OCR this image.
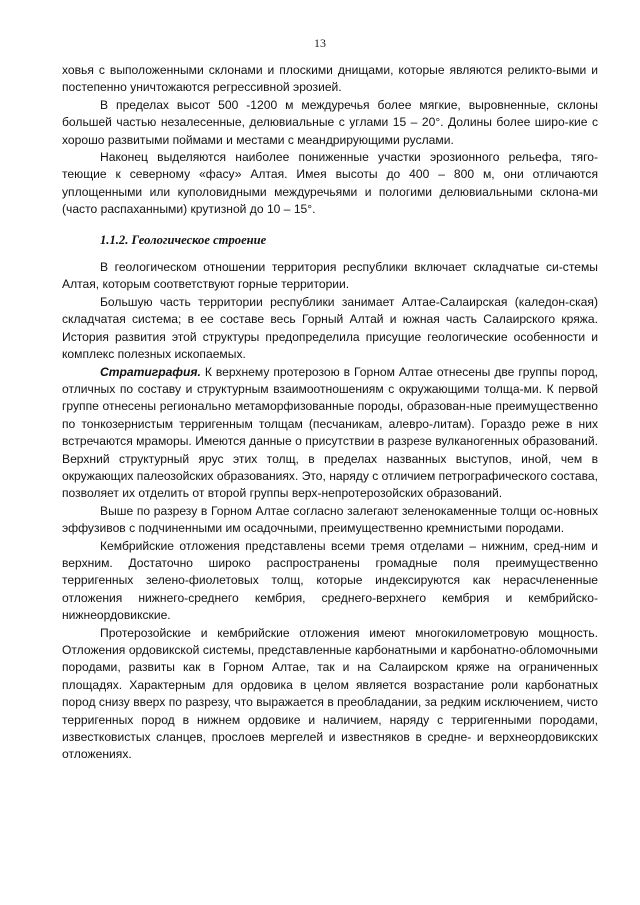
13

ховья с выположенными склонами и плоскими днищами, которые являются реликто-выми и постепенно уничтожаются регрессивной эрозией.

В пределах высот 500 -1200 м междуречья более мягкие, выровненные, склоны большей частью незалесенные, делювиальные с углами 15 – 20°. Долины более широ-кие с хорошо развитыми поймами и местами с меандрирующими руслами.

Наконец выделяются наиболее пониженные участки эрозионного рельефа, тяго-теющие к северному «фасу» Алтая. Имея высоты до 400 – 800 м, они отличаются уплощенными или куполовидными междуречьями и пологими делювиальными склона-ми (часто распаханными) крутизной до 10 – 15°.

1.1.2. Геологическое строение

В геологическом отношении территория республики включает складчатые си-стемы Алтая, которым соответствуют горные территории.

Большую часть территории республики занимает Алтае-Салаирская (каледон-ская) складчатая система; в ее составе весь Горный Алтай и южная часть Салаирского кряжа. История развития этой структуры предопределила присущие геологические особенности и комплекс полезных ископаемых.

Стратиграфия. К верхнему протерозою в Горном Алтае отнесены две группы пород, отличных по составу и структурным взаимоотношениям с окружающими толща-ми. К первой группе отнесены регионально метаморфизованные породы, образован-ные преимущественно по тонкозернистым терригенным толщам (песчаникам, алевро-литам). Гораздо реже в них встречаются мраморы. Имеются данные о присутствии в разрезе вулканогенных образований. Верхний структурный ярус этих толщ, в пределах названных выступов, иной, чем в окружающих палеозойских образованиях. Это, наряду с отличием петрографического состава, позволяет их отделить от второй группы верх-непротерозойских образований.

Выше по разрезу в Горном Алтае согласно залегают зеленокаменные толщи ос-новных эффузивов с подчиненными им осадочными, преимущественно кремнистыми породами.

Кембрийские отложения представлены всеми тремя отделами – нижним, сред-ним и верхним. Достаточно широко распространены громадные поля преимущественно терригенных зелено-фиолетовых толщ, которые индексируются как нерасчлененные отложения нижнего-среднего кембрия, среднего-верхнего кембрия и кембрийско-нижнеордовикские.

Протерозойские и кембрийские отложения имеют многокилометровую мощность. Отложения ордовикской системы, представленные карбонатными и карбонатно-обломочными породами, развиты как в Горном Алтае, так и на Салаирском кряже на ограниченных площадях. Характерным для ордовика в целом является возрастание роли карбонатных пород снизу вверх по разрезу, что выражается в преобладании, за редким исключением, чисто терригенных пород в нижнем ордовике и наличием, наряду с терригенными породами, известковистых сланцев, прослоев мергелей и известняков в средне- и верхнеордовикских отложениях.
